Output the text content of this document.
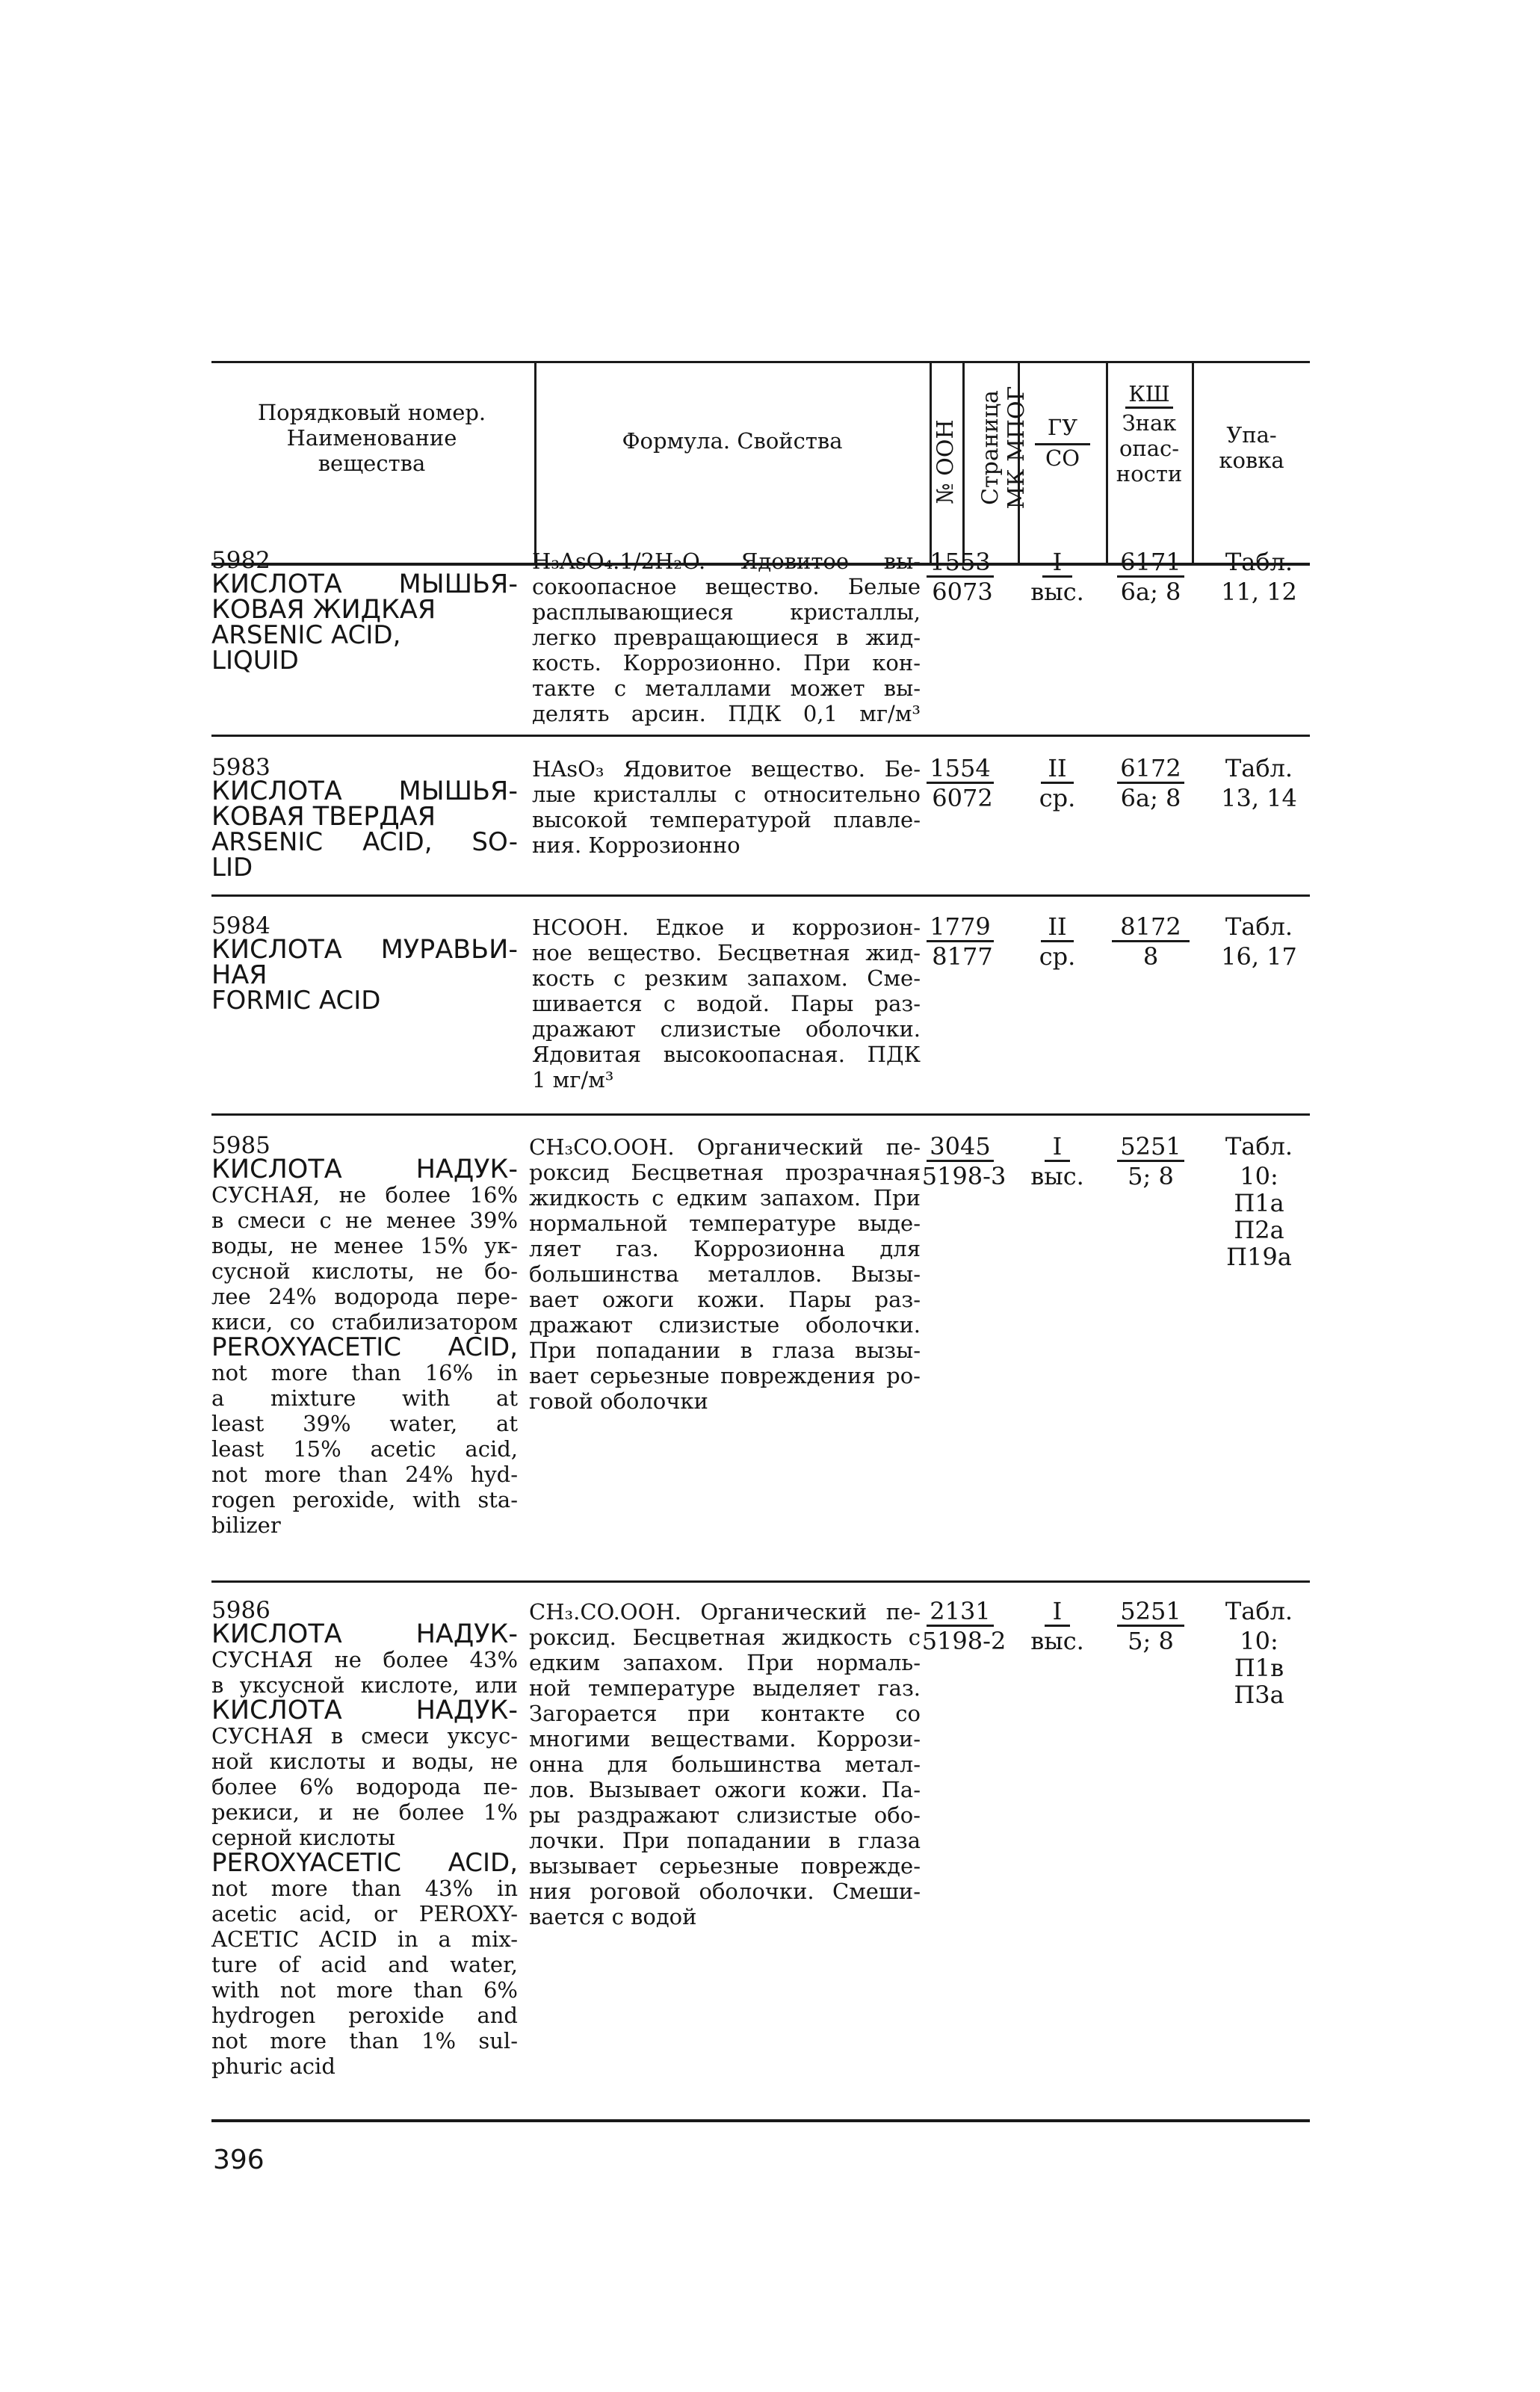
Порядковый номер.
Наименование
вещества
Формула. Свойства	№ ООН Страница МК МПОГ ГУ
СО
КШ
Знак
опас-
ности
Упа-
ковка
5982
КИСЛОТА МЫШЬЯ-
КОВАЯ ЖИДКАЯ
ARSENIC ACID,
LIQUID
H₃AsO₄.1/2H₂O. Ядовитое вы-
сокоопасное вещество. Белые
расплывающиеся кристаллы,
легко превращающиеся в жид-
кость. Коррозионно. При кон-
такте с металлами может вы-
делять арсин. ПДК 0,1 мг/м³
1553
6073
I
выс.
6171
6а; 8
Табл.
11, 12
5983
КИСЛОТА МЫШЬЯ-
КОВАЯ ТВЕРДАЯ
ARSENIC ACID, SO-
LID
HAsO₃ Ядовитое вещество. Бе-
лые кристаллы с относительно
высокой температурой плавле-
ния. Коррозионно
1554
6072
II
ср.
6172
6а; 8
Табл.
13, 14
5984
КИСЛОТА МУРАВЬИ-
НАЯ
FORMIC ACID
HCOOH. Едкое и коррозион-
ное вещество. Бесцветная жид-
кость с резким запахом. Сме-
шивается с водой. Пары раз-
дражают слизистые оболочки.
Ядовитая высокоопасная. ПДК
1 мг/м³
1779
8177
II
ср.
8172
8
Табл.
16, 17
5985
КИСЛОТА НАДУК-
СУСНАЯ, не более 16%
в смеси с не менее 39%
воды, не менее 15% ук-
сусной кислоты, не бо-
лее 24% водорода пере-
киси, со стабилизатором
PEROXYACETIC ACID,
not more than 16% in
a mixture with at
least 39% water, at
least 15% acetic acid,
not more than 24% hyd-
rogen peroxide, with sta-
bilizer
CH₃CO.OOH. Органический пе-
роксид Бесцветная прозрачная
жидкость с едким запахом. При
нормальной температуре выде-
ляет газ. Коррозионна для
большинства металлов. Вызы-
вает ожоги кожи. Пары раз-
дражают слизистые оболочки.
При попадании в глаза вызы-
вает серьезные повреждения ро-
говой оболочки
3045
5198-3
I
выс.
5251
5; 8
Табл.
10:
П1а
П2а
П19а
5986
КИСЛОТА НАДУК-
СУСНАЯ не более 43%
в уксусной кислоте, или
КИСЛОТА НАДУК-
СУСНАЯ в смеси уксус-
ной кислоты и воды, не
более 6% водорода пе-
рекиси, и не более 1%
серной кислоты
PEROXYACETIC ACID,
not more than 43% in
acetic acid, or PEROXY-
ACETIC ACID in a mix-
ture of acid and water,
with not more than 6%
hydrogen peroxide and
not more than 1% sul-
phuric acid
CH₃.CO.OOH. Органический пе-
роксид. Бесцветная жидкость с
едким запахом. При нормаль-
ной температуре выделяет газ.
Загорается при контакте со
многими веществами. Коррози-
онна для большинства метал-
лов. Вызывает ожоги кожи. Па-
ры раздражают слизистые обо-
лочки. При попадании в глаза
вызывает серьезные поврежде-
ния роговой оболочки. Смеши-
вается с водой
2131
5198-2
I
выс.
5251
5; 8
Табл.
10:
П1в
П3а
396
